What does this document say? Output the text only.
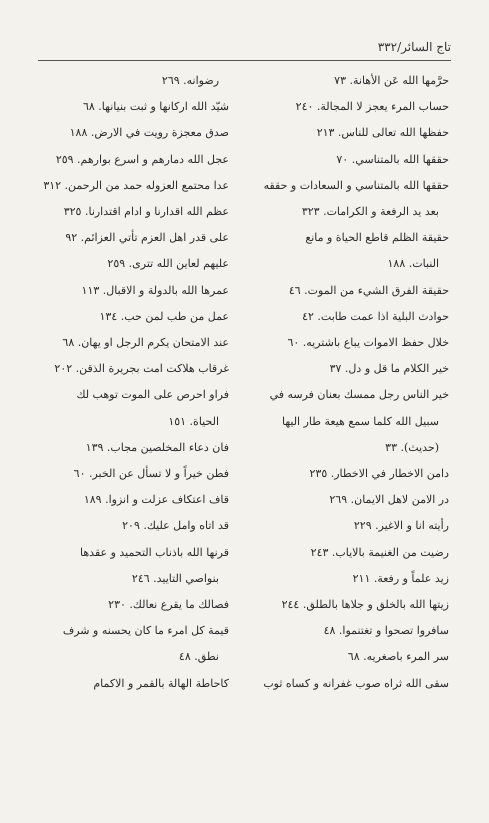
تاج السائر/٣٣٢
حرَّمها الله عَن الأهانة. ٧٣
حساب المرء يعجز لا المجالة. ٢٤٠
حفظها الله تعالى للناس. ٢١٣
حققها الله بالمتناسي. ٧٠
حققها الله بالمتناسي و السعادات و حققه
بعد يد الرفعة و الكرامات. ٣٢٣
حقيقة الظلم قاطع الحياة و مانع
النبات. ١٨٨
حقيقة الفرق الشيء من الموت. ٤٦
حوادث البلية اذا عمت طابت. ٤٢
خلال حفظ الاموات يباع باشتريه. ٦٠
خير الكلام ما قل و دل. ٣٧
خير الناس رجل ممسك بعنان فرسه في
سبيل الله كلما سمع هيعة طار اليها
(حديث). ٣٣
دامن الاخطار في الاخطار. ٢٣٥
در الامن لاهل الايمان. ٢٦٩
رأيته انا و الاغير. ٢٢٩
رضيت من الغنيمة بالاياب. ٢٤٣
زيد علماً و رفعة. ٢١١
زيتها الله بالخلق و جلاها بالطلق. ٢٤٤
سافروا تصحوا و تغتنموا. ٤٨
سر المرء باصغريه. ٦٨
سقى الله ثراه صوب غفرانه و كساه ثوب
رضوانه. ٢٦٩
شيّد الله اركانها و ثبت بنيانها. ٦٨
صدق معجزة رويت في الارض. ١٨٨
عجل الله دمارهم و اسرع بوارهم. ٢٥٩
عدا محتمع العزوله حمد من الرحمن. ٣١٢
عظم الله اقدارنا و ادام اقتدارنا. ٣٢٥
على قدر اهل العزم تأتي العزائم. ٩٢
عليهم لعاين الله تترى. ٢٥٩
عمرها الله بالدولة و الاقبال. ١١٣
عمل من طب لمن حب. ١٣٤
عند الامتحان يكرم الرجل او يهان. ٦٨
غرقاب هلاكت امت بجريرة الذقن. ٢٠٢
فراو احرص على الموت توهب لك
الحياة. ١٥١
فان دعاء المخلصين مجاب. ١٣٩
فطن خيراً و لا تسأل عن الخبر. ٦٠
قاف اعتكاف عزلت و انزوا. ١٨٩
قد اتاه وامل عليك. ٢٠٩
قرنها الله باذناب التحميد و عقدها
بنواصي التاييد. ٢٤٦
فصالك ما يقرع نعالك. ٢٣٠
قيمة كل امرء ما كان يحسنه و شرف
نطق. ٤٨
كاحاطة الهالة بالقمر و الاكمام
